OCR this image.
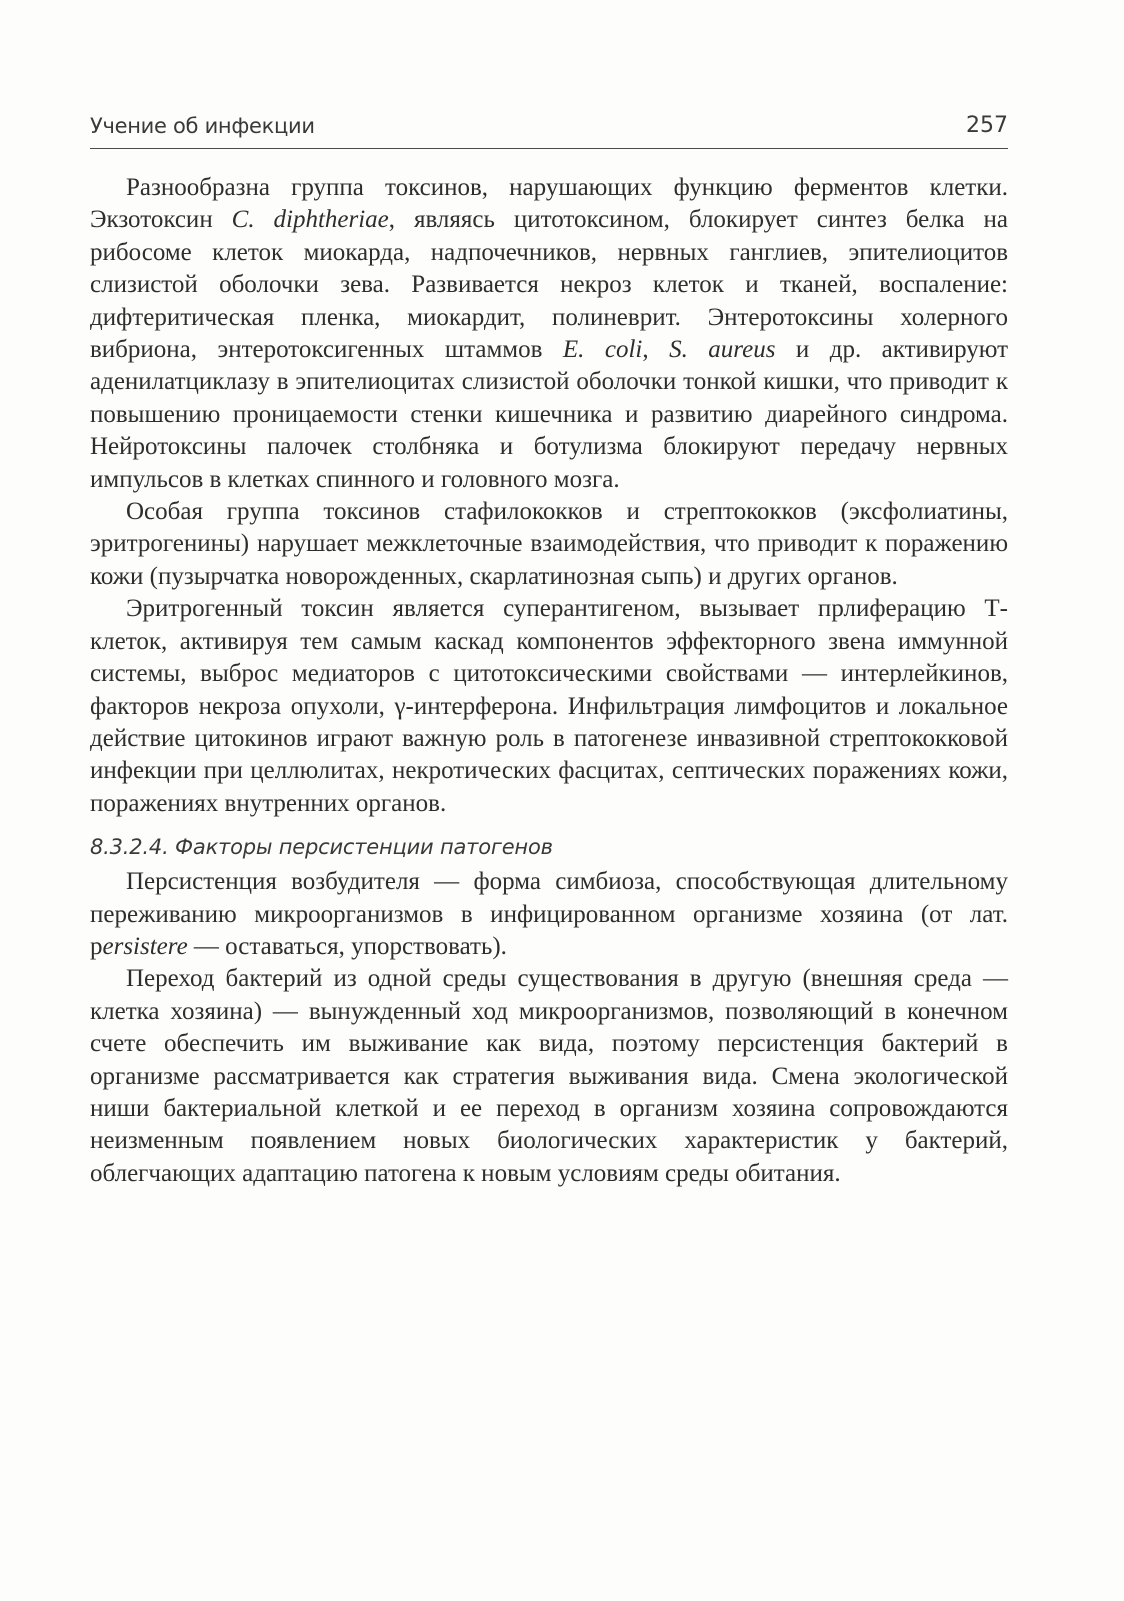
Учение об инфекции	257

Разнообразна группа токсинов, нарушающих функцию ферментов клетки. Экзотоксин C. diphtheriae, являясь цитотоксином, блокирует синтез белка на рибосоме клеток миокарда, надпочечников, нервных ганглиев, эпителиоцитов слизистой оболочки зева. Развивается некроз клеток и тканей, воспаление: дифтеритическая пленка, миокардит, полиневрит. Энтеротоксины холерного вибриона, энтеротоксигенных штаммов E. coli, S. aureus и др. активируют аденилатциклазу в эпителиоцитах слизистой оболочки тонкой кишки, что приводит к повышению проницаемости стенки кишечника и развитию диарейного синдрома. Нейротоксины палочек столбняка и ботулизма блокируют передачу нервных импульсов в клетках спинного и головного мозга.

Особая группа токсинов стафилококков и стрептококков (эксфолиатины, эритрогенины) нарушает межклеточные взаимодействия, что приводит к поражению кожи (пузырчатка новорожденных, скарлатинозная сыпь) и других органов.

Эритрогенный токсин является суперантигеном, вызывает прлиферацию Т-клеток, активируя тем самым каскад компонентов эффекторного звена иммунной системы, выброс медиаторов с цитотоксическими свойствами — интерлейкинов, факторов некроза опухоли, γ-интерферона. Инфильтрация лимфоцитов и локальное действие цитокинов играют важную роль в патогенезе инвазивной стрептококковой инфекции при целлюлитах, некротических фасцитах, септических поражениях кожи, поражениях внутренних органов.

8.3.2.4. Факторы персистенции патогенов

Персистенция возбудителя — форма симбиоза, способствующая длительному переживанию микроорганизмов в инфицированном организме хозяина (от лат. persistere — оставаться, упорствовать).

Переход бактерий из одной среды существования в другую (внешняя среда — клетка хозяина) — вынужденный ход микроорганизмов, позволяющий в конечном счете обеспечить им выживание как вида, поэтому персистенция бактерий в организме рассматривается как стратегия выживания вида. Смена экологической ниши бактериальной клеткой и ее переход в организм хозяина сопровождаются неизменным появлением новых биологических характеристик у бактерий, облегчающих адаптацию патогена к новым условиям среды обитания.
